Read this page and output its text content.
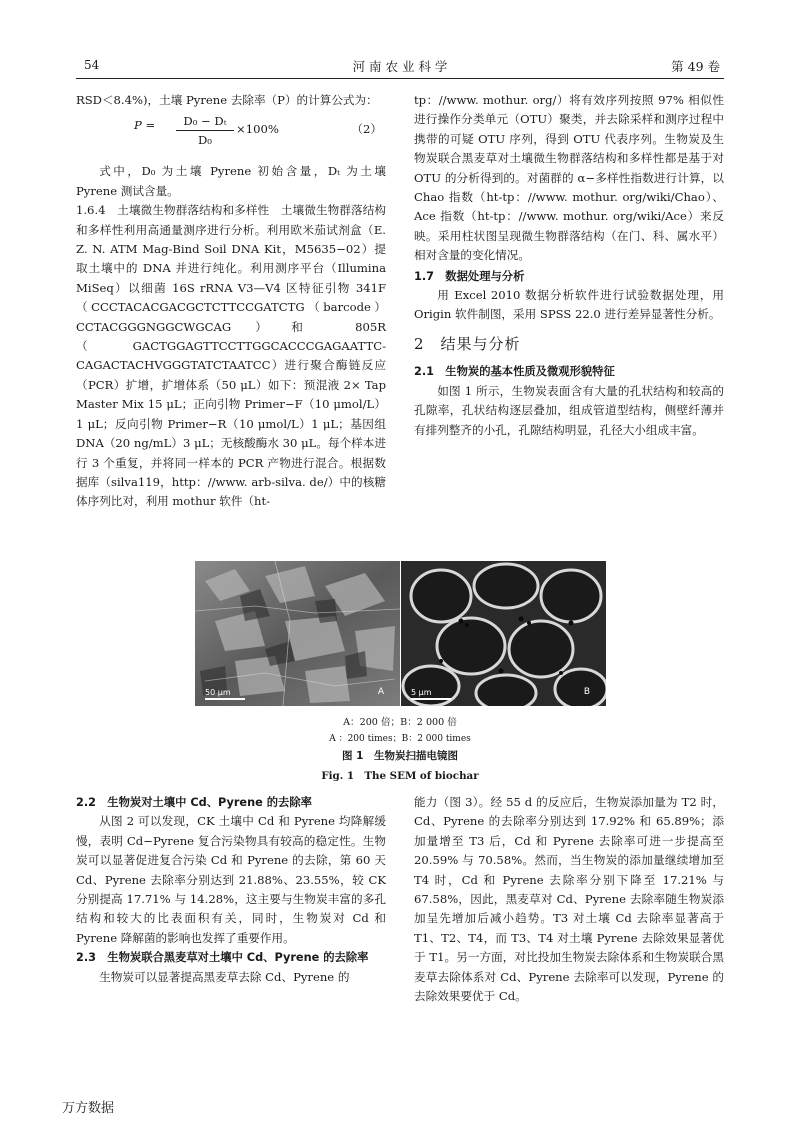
54	河 南 农 业 科 学	第 49 卷

RSD＜8.4%)，土壤 Pyrene 去除率（P）的计算公式为：

$P = \frac{\text{D₀ − Dₜ}}{\text{D₀}} \times 100\%$	（2）

式中，D₀ 为土壤 Pyrene 初始含量，Dₜ 为土壤 Pyrene 测试含量。

1.6.4　土壤微生物群落结构和多样性　土壤微生物群落结构和多样性利用高通量测序进行分析。利用欧米茄试剂盒（E. Z. N. ATM Mag-Bind Soil DNA Kit，M5635−02）提取土壤中的 DNA 并进行纯化。利用测序平台（Illumina MiSeq）以细菌 16S rRNA V3—V4 区特征引物 341F（CCCTACACGACGCTCTTCCGATCTG（barcode）CCTACGGGNGGCWGCAG）和 805R（GACTGGAGTTCCTTGGCACCCGAGAATTC-CAGACTACHVGGGTATCTAATCC）进行聚合酶链反应（PCR）扩增，扩增体系（50 μL）如下：预混液 2× Tap Master Mix 15 μL；正向引物 Primer−F（10 μmol/L）1 μL；反向引物 Primer−R（10 μmol/L）1 μL；基因组 DNA（20 ng/mL）3 μL；无核酸酶水 30 μL。每个样本进行 3 个重复，并将同一样本的 PCR 产物进行混合。根据数据库（silva119，http：//www. arb-silva. de/）中的核糖体序列比对，利用 mothur 软件（ht-

tp：//www. mothur. org/）将有效序列按照 97% 相似性进行操作分类单元（OTU）聚类，并去除采样和测序过程中携带的可疑 OTU 序列，得到 OTU 代表序列。生物炭及生物炭联合黑麦草对土壤微生物群落结构和多样性都是基于对 OTU 的分析得到的。对菌群的 α−多样性指数进行计算，以 Chao 指数（ht-tp：//www. mothur. org/wiki/Chao）、Ace 指数（ht-tp：//www. mothur. org/wiki/Ace）来反映。采用柱状图呈现微生物群落结构（在门、科、属水平）相对含量的变化情况。

1.7　数据处理与分析

用 Excel 2010 数据分析软件进行试验数据处理，用 Origin 软件制图，采用 SPSS 22.0 进行差异显著性分析。

2　结果与分析

2.1　生物炭的基本性质及微观形貌特征

如图 1 所示，生物炭表面含有大量的孔状结构和较高的孔隙率，孔状结构逐层叠加，组成管道型结构，侧壁纤薄并有排列整齐的小孔，孔隙结构明显，孔径大小组成丰富。

50 μm	A	5 μm	B
A：200 倍；B：2 000 倍
A ：200 times；B：2 000 times
图 1　生物炭扫描电镜图
Fig. 1　The SEM of biochar

2.2　生物炭对土壤中 Cd、Pyrene 的去除率

从图 2 可以发现，CK 土壤中 Cd 和 Pyrene 均降解缓慢，表明 Cd−Pyrene 复合污染物具有较高的稳定性。生物炭可以显著促进复合污染 Cd 和 Pyrene 的去除，第 60 天 Cd、Pyrene 去除率分别达到 21.88%、23.55%，较 CK 分别提高 17.71% 与 14.28%，这主要与生物炭丰富的多孔结构和较大的比表面积有关，同时，生物炭对 Cd 和 Pyrene 降解菌的影响也发挥了重要作用。

2.3　生物炭联合黑麦草对土壤中 Cd、Pyrene 的去除率

生物炭可以显著提高黑麦草去除 Cd、Pyrene 的

能力（图 3）。经 55 d 的反应后，生物炭添加量为 T2 时，Cd、Pyrene 的去除率分别达到 17.92% 和 65.89%；添加量增至 T3 后，Cd 和 Pyrene 去除率可进一步提高至 20.59% 与 70.58%。然而，当生物炭的添加量继续增加至 T4 时，Cd 和 Pyrene 去除率分别下降至 17.21% 与 67.58%，因此，黑麦草对 Cd、Pyrene 去除率随生物炭添加呈先增加后减小趋势。T3 对土壤 Cd 去除率显著高于 T1、T2、T4，而 T3、T4 对土壤 Pyrene 去除效果显著优于 T1。另一方面，对比投加生物炭去除体系和生物炭联合黑麦草去除体系对 Cd、Pyrene 去除率可以发现，Pyrene 的去除效果要优于 Cd。

万方数据
